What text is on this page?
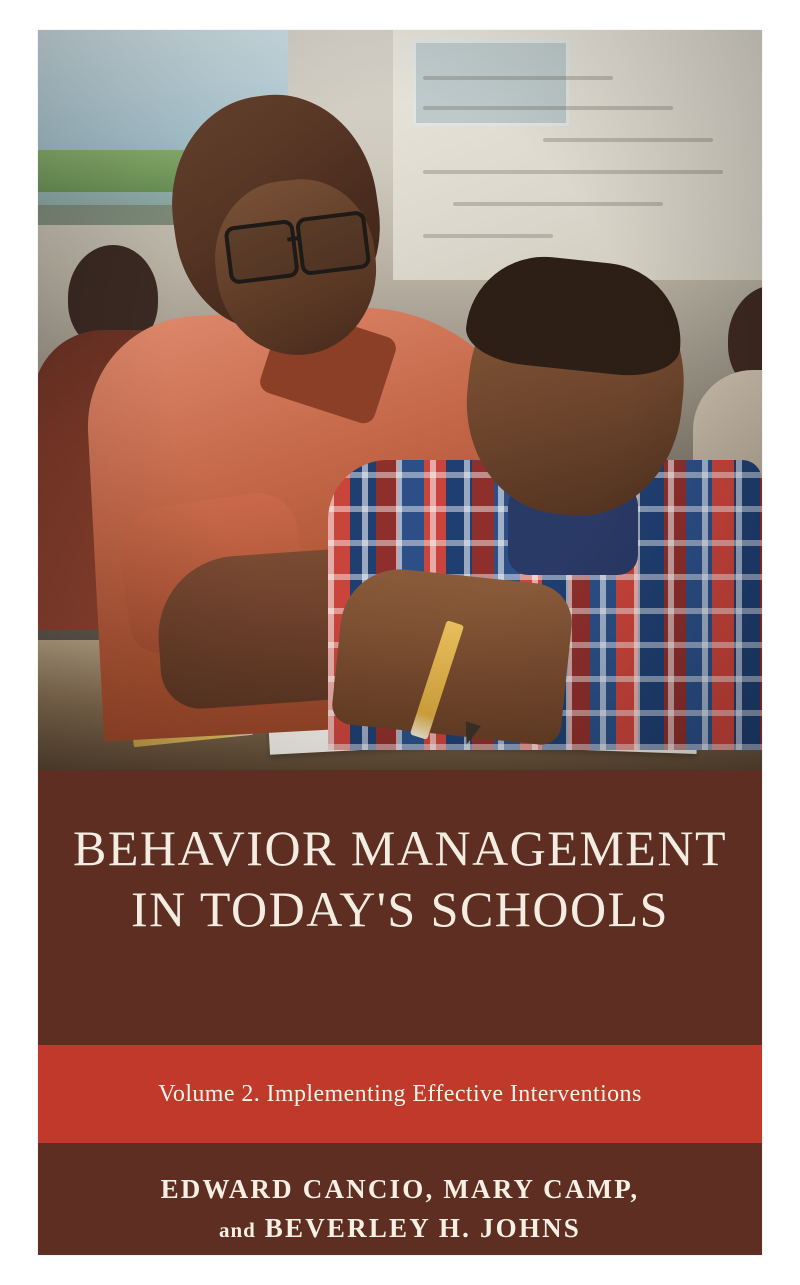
BEHAVIOR MANAGEMENT
IN TODAY'S SCHOOLS
Volume 2. Implementing Effective Interventions
EDWARD CANCIO, MARY CAMP,
and BEVERLEY H. JOHNS
